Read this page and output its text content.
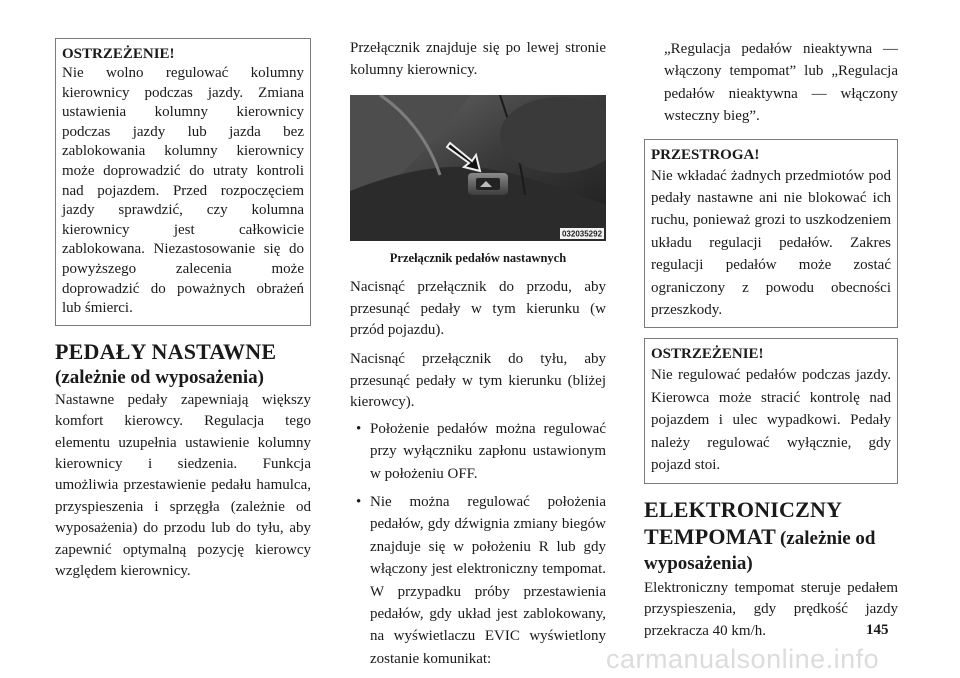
OSTRZEŻENIE!
Nie wolno regulować kolumny kierownicy podczas jazdy. Zmiana ustawienia kolumny kierownicy podczas jazdy lub jazda bez zablokowania kolumny kierownicy może doprowadzić do utraty kontroli nad pojazdem. Przed rozpoczęciem jazdy sprawdzić, czy kolumna kierownicy jest całkowicie zablokowana. Niezastosowanie się do powyższego zalecenia może doprowadzić do poważnych obrażeń lub śmierci.
PEDAŁY NASTAWNE
(zależnie od wyposażenia)
Nastawne pedały zapewniają większy komfort kierowcy. Regulacja tego elementu uzupełnia ustawienie kolumny kierownicy i siedzenia. Funkcja umożliwia przestawienie pedału hamulca, przyspieszenia i sprzęgła (zależnie od wyposażenia) do przodu lub do tyłu, aby zapewnić optymalną pozycję kierowcy względem kierownicy.
Przełącznik znajduje się po lewej stronie kolumny kierownicy.
032035292
Przełącznik pedałów nastawnych
Nacisnąć przełącznik do przodu, aby przesunąć pedały w tym kierunku (w przód pojazdu).
Nacisnąć przełącznik do tyłu, aby przesunąć pedały w tym kierunku (bliżej kierowcy).
• Położenie pedałów można regulować przy wyłączniku zapłonu ustawionym w położeniu OFF.
• Nie można regulować położenia pedałów, gdy dźwignia zmiany biegów znajduje się w położeniu R lub gdy włączony jest elektroniczny tempomat. W przypadku próby przestawienia pedałów, gdy układ jest zablokowany, na wyświetlaczu EVIC wyświetlony zostanie komunikat:
„Regulacja pedałów nieaktywna — włączony tempomat” lub „Regulacja pedałów nieaktywna — włączony wsteczny bieg”.
PRZESTROGA!
Nie wkładać żadnych przedmiotów pod pedały nastawne ani nie blokować ich ruchu, ponieważ grozi to uszkodzeniem układu regulacji pedałów. Zakres regulacji pedałów może zostać ograniczony z powodu obecności przeszkody.
OSTRZEŻENIE!
Nie regulować pedałów podczas jazdy. Kierowca może stracić kontrolę nad pojazdem i ulec wypadkowi. Pedały należy regulować wyłącznie, gdy pojazd stoi.
ELEKTRONICZNY
TEMPOMAT (zależnie od
wyposażenia)
Elektroniczny tempomat steruje pedałem przyspieszenia, gdy prędkość jazdy przekracza 40 km/h.	145
carmanualsonline.info
